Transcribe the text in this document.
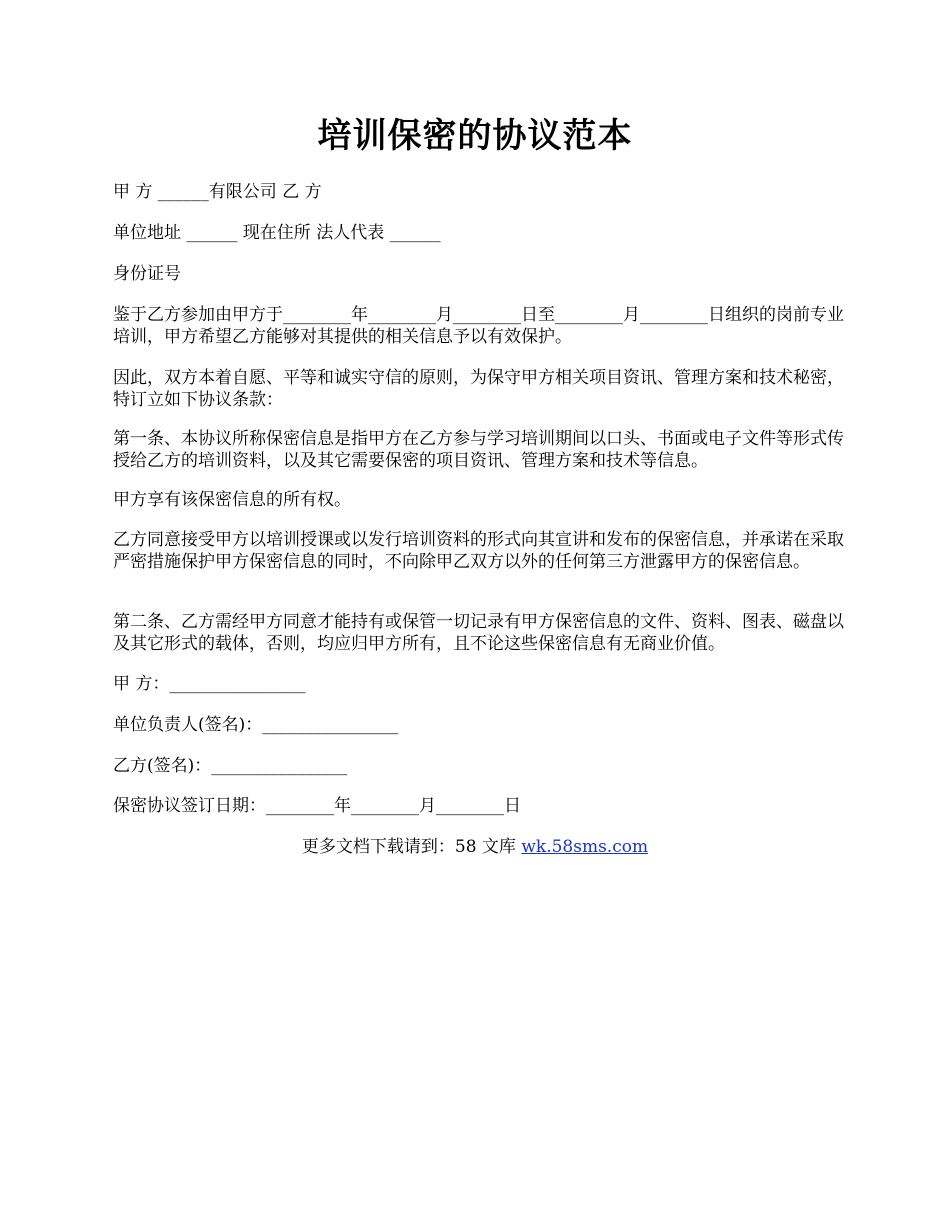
培训保密的协议范本
甲 方 ______有限公司 乙 方
单位地址 ______ 现在住所 法人代表 ______
身份证号
鉴于乙方参加由甲方于________年________月________日至________月________日组织的岗前专业培训，甲方希望乙方能够对其提供的相关信息予以有效保护。
因此，双方本着自愿、平等和诚实守信的原则，为保守甲方相关项目资讯、管理方案和技术秘密，特订立如下协议条款：
第一条、本协议所称保密信息是指甲方在乙方参与学习培训期间以口头、书面或电子文件等形式传授给乙方的培训资料，以及其它需要保密的项目资讯、管理方案和技术等信息。
甲方享有该保密信息的所有权。
乙方同意接受甲方以培训授课或以发行培训资料的形式向其宣讲和发布的保密信息，并承诺在采取严密措施保护甲方保密信息的同时，不向除甲乙双方以外的任何第三方泄露甲方的保密信息。
第二条、乙方需经甲方同意才能持有或保管一切记录有甲方保密信息的文件、资料、图表、磁盘以及其它形式的载体，否则，均应归甲方所有，且不论这些保密信息有无商业价值。
甲 方：________________
单位负责人(签名)：________________
乙方(签名)：________________
保密协议签订日期：________年________月________日
更多文档下载请到：58 文库 wk.58sms.com
